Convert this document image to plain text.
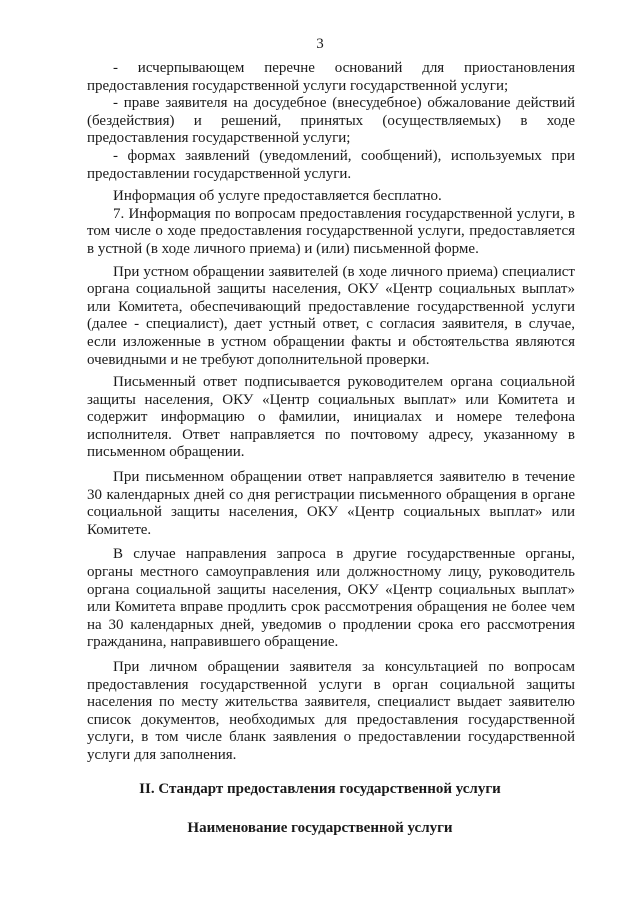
3

- исчерпывающем перечне оснований для приостановления предоставления государственной услуги государственной услуги;

- праве заявителя на досудебное (внесудебное) обжалование действий (бездействия) и решений, принятых (осуществляемых) в ходе предоставления государственной услуги;

- формах заявлений (уведомлений, сообщений), используемых при предоставлении государственной услуги.

Информация об услуге предоставляется бесплатно.

7. Информация по вопросам предоставления государственной услуги, в том числе о ходе предоставления государственной услуги, предоставляется в устной (в ходе личного приема) и (или) письменной форме.

При устном обращении заявителей (в ходе личного приема) специалист органа социальной защиты населения, ОКУ «Центр социальных выплат» или Комитета, обеспечивающий предоставление государственной услуги (далее - специалист), дает устный ответ, с согласия заявителя, в случае, если изложенные в устном обращении факты и обстоятельства являются очевидными и не требуют дополнительной проверки.

Письменный ответ подписывается руководителем органа социальной защиты населения, ОКУ «Центр социальных выплат» или Комитета и содержит информацию о фамилии, инициалах и номере телефона исполнителя. Ответ направляется по почтовому адресу, указанному в письменном обращении.

При письменном обращении ответ направляется заявителю в течение 30 календарных дней со дня регистрации письменного обращения в органе социальной защиты населения, ОКУ «Центр социальных выплат» или Комитете.

В случае направления запроса в другие государственные органы, органы местного самоуправления или должностному лицу, руководитель органа социальной защиты населения, ОКУ «Центр социальных выплат» или Комитета вправе продлить срок рассмотрения обращения не более чем на 30 календарных дней, уведомив о продлении срока его рассмотрения гражданина, направившего обращение.

При личном обращении заявителя за консультацией по вопросам предоставления государственной услуги в орган социальной защиты населения по месту жительства заявителя, специалист выдает заявителю список документов, необходимых для предоставления государственной услуги, в том числе бланк заявления о предоставлении государственной услуги для заполнения.

II. Стандарт предоставления государственной услуги
Наименование государственной услуги
